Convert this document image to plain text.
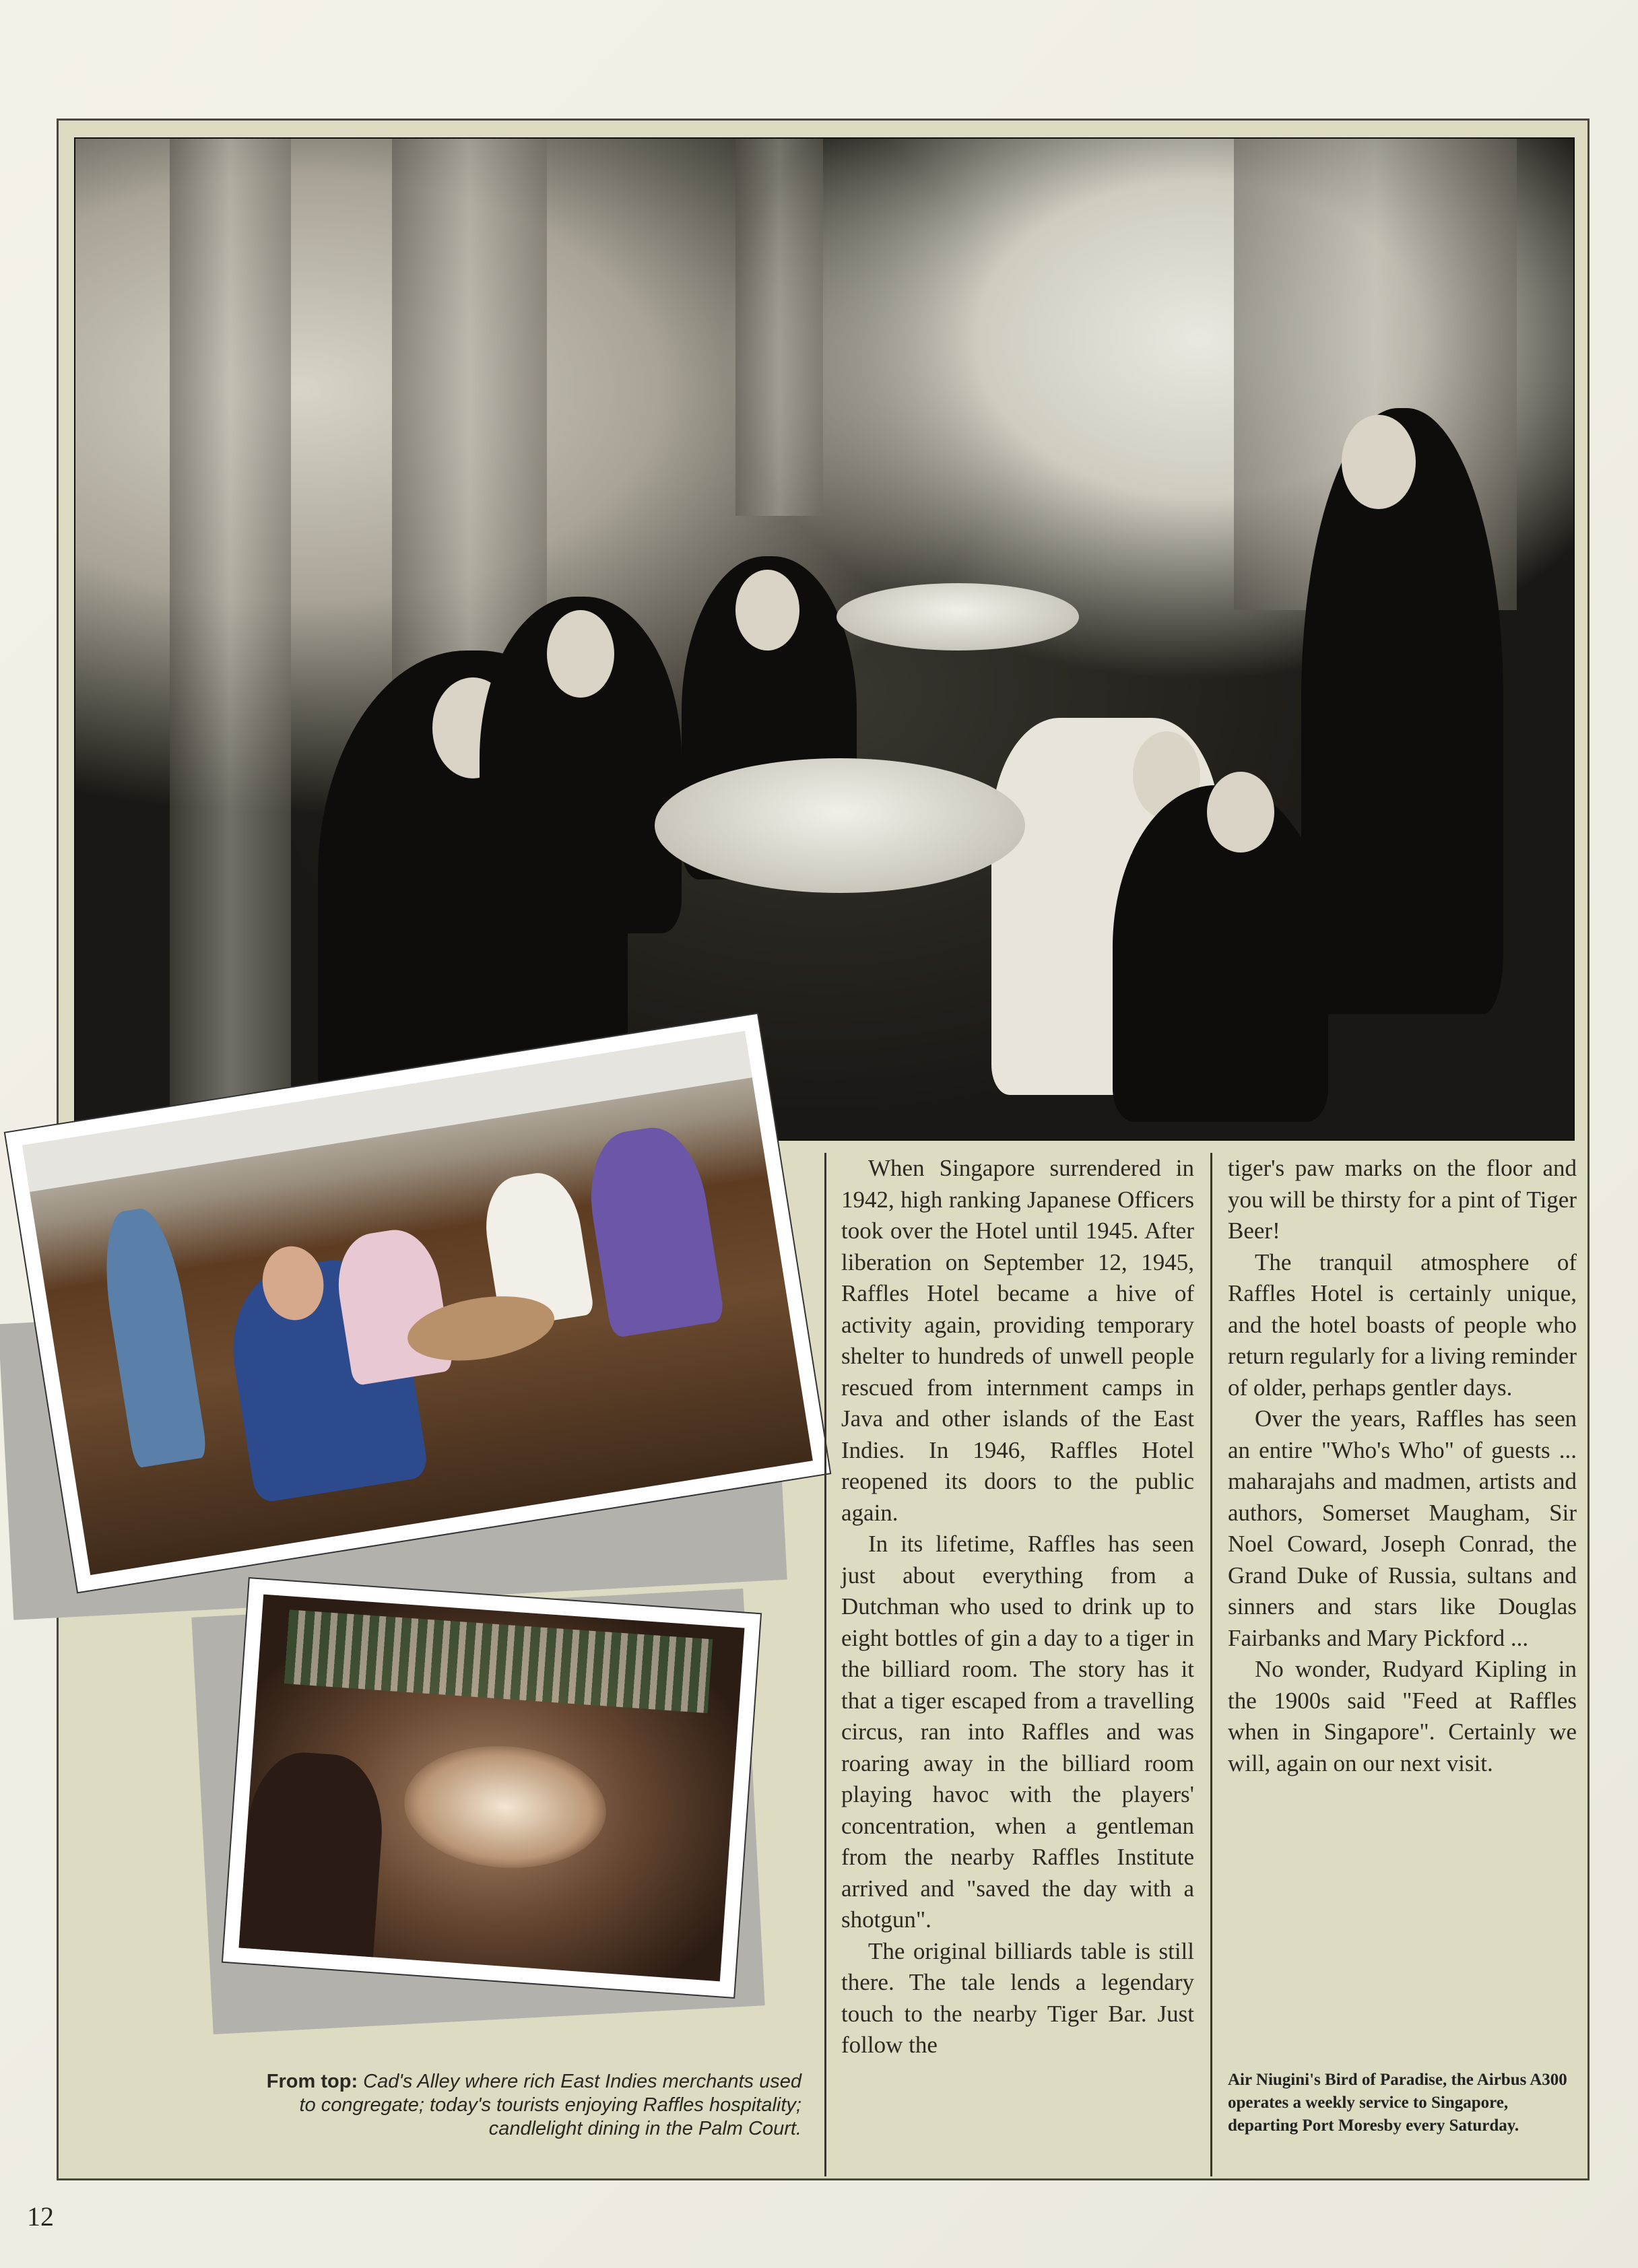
From top: Cad's Alley where rich East Indies merchants used to congregate; today's tourists enjoying Raffles hospitality; candlelight dining in the Palm Court.

When Singapore surrendered in 1942, high ranking Japanese Officers took over the Hotel until 1945. After liberation on September 12, 1945, Raffles Hotel became a hive of activity again, providing temporary shelter to hundreds of unwell people rescued from internment camps in Java and other islands of the East Indies. In 1946, Raffles Hotel reopened its doors to the public again.

In its lifetime, Raffles has seen just about everything from a Dutchman who used to drink up to eight bottles of gin a day to a tiger in the billiard room. The story has it that a tiger escaped from a travelling circus, ran into Raffles and was roaring away in the billiard room playing havoc with the players' concentration, when a gentleman from the nearby Raffles Institute arrived and "saved the day with a shotgun".

The original billiards table is still there. The tale lends a legendary touch to the nearby Tiger Bar. Just follow the

tiger's paw marks on the floor and you will be thirsty for a pint of Tiger Beer!

The tranquil atmosphere of Raffles Hotel is certainly unique, and the hotel boasts of people who return regularly for a living reminder of older, perhaps gentler days.

Over the years, Raffles has seen an entire "Who's Who" of guests ... maharajahs and madmen, artists and authors, Somerset Maugham, Sir Noel Coward, Joseph Conrad, the Grand Duke of Russia, sultans and sinners and stars like Douglas Fairbanks and Mary Pickford ...

No wonder, Rudyard Kipling in the 1900s said "Feed at Raffles when in Singapore". Certainly we will, again on our next visit.

Air Niugini's Bird of Paradise, the Airbus A300 operates a weekly service to Singapore, departing Port Moresby every Saturday.
12
